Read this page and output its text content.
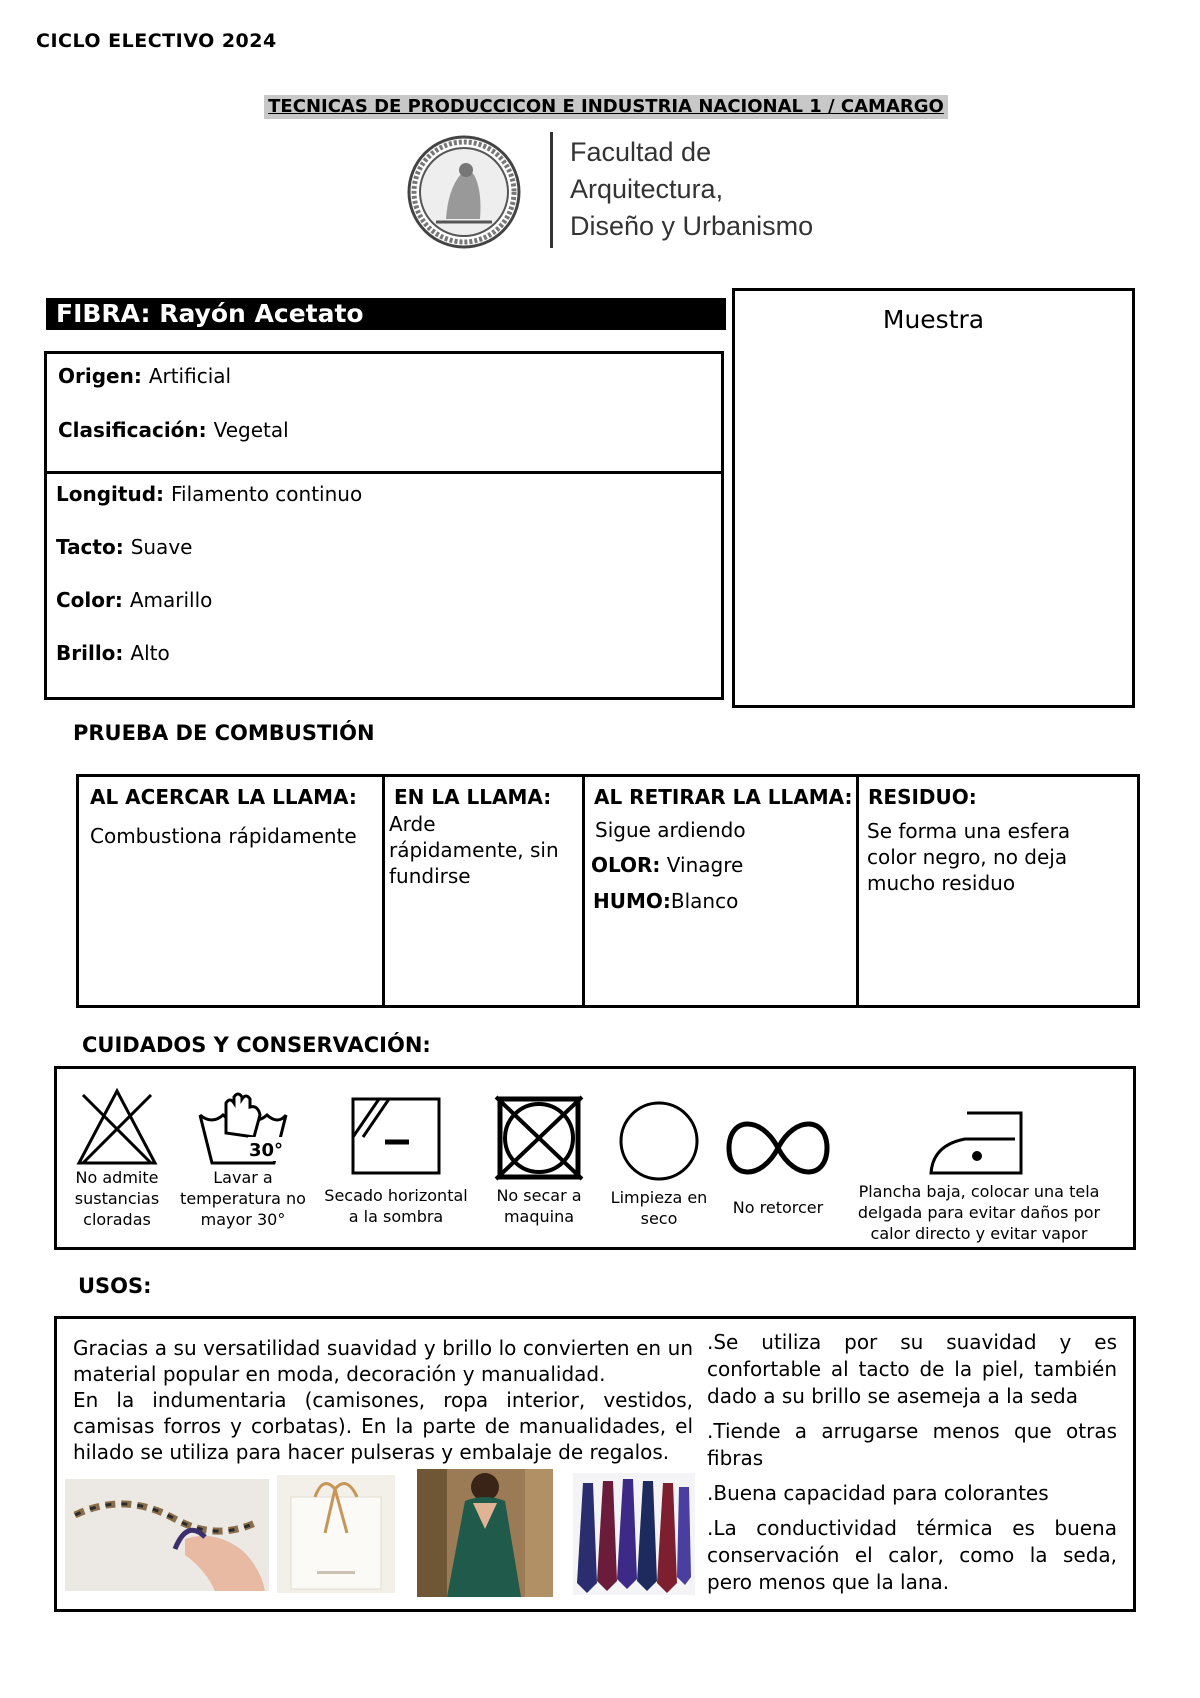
CICLO ELECTIVO 2024
TECNICAS DE PRODUCCICON E INDUSTRIA NACIONAL 1 / CAMARGO
Facultad de
Arquitectura,
Diseño y Urbanismo
FIBRA: Rayón Acetato
Origen: Artificial
Clasificación: Vegetal
Longitud: Filamento continuo
Tacto: Suave
Color: Amarillo
Brillo: Alto
Muestra
PRUEBA DE COMBUSTIÓN
AL ACERCAR LA LLAMA:
Combustiona rápidamente
EN LA LLAMA:
Arde rápidamente, sin fundirse
AL RETIRAR LA LLAMA:
Sigue ardiendo
OLOR: Vinagre
HUMO:Blanco
RESIDUO:
Se forma una esfera color negro, no deja mucho residuo
CUIDADOS Y CONSERVACIÓN:
No admite sustancias cloradas
30°
Lavar a temperatura no mayor 30°
Secado horizontal a la sombra
No secar a maquina
Limpieza en seco
No retorcer
Plancha baja, colocar una tela delgada para evitar daños por calor directo y evitar vapor
USOS:
Gracias a su versatilidad suavidad y brillo lo convierten en un material popular en moda, decoración y manualidad.
En la indumentaria (camisones, ropa interior, vestidos, camisas forros y corbatas). En la parte de manualidades, el hilado se utiliza para hacer pulseras y embalaje de regalos.

.Se utiliza por su suavidad y es confortable al tacto de la piel, también dado a su brillo se asemeja a la seda

.Tiende a arrugarse menos que otras fibras

.Buena capacidad para colorantes

.La conductividad térmica es buena conservación el calor, como la seda, pero menos que la lana.
